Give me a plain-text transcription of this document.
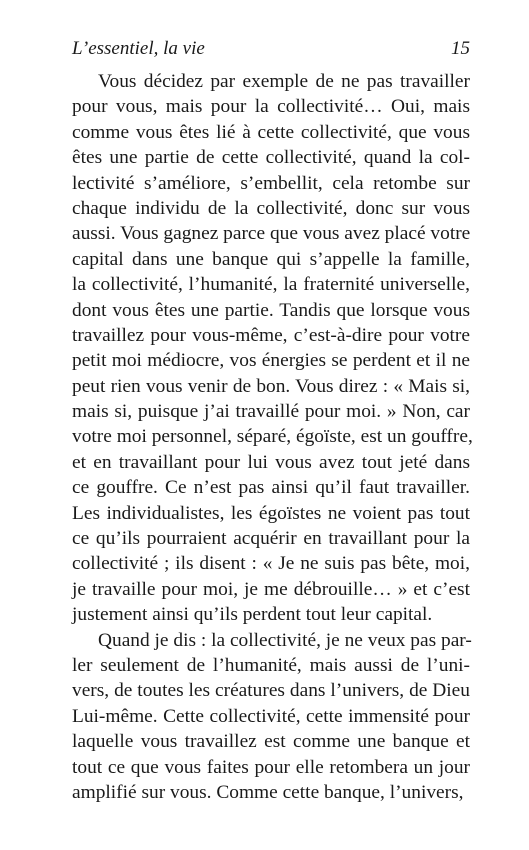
L’essentiel, la vie	15
Vous décidez par exemple de ne pas travailler
pour vous, mais pour la collectivité… Oui, mais
comme vous êtes lié à cette collectivité, que vous
êtes une partie de cette collectivité, quand la col-
lectivité s’améliore, s’embellit, cela retombe sur
chaque individu de la collectivité, donc sur vous
aussi. Vous gagnez parce que vous avez placé votre
capital dans une banque qui s’appelle la famille,
la collectivité, l’humanité, la fraternité universelle,
dont vous êtes une partie. Tandis que lorsque vous
travaillez pour vous-même, c’est-à-dire pour votre
petit moi médiocre, vos énergies se perdent et il ne
peut rien vous venir de bon. Vous direz : « Mais si,
mais si, puisque j’ai travaillé pour moi. » Non, car
votre moi personnel, séparé, égoïste, est un gouffre,
et en travaillant pour lui vous avez tout jeté dans
ce gouffre. Ce n’est pas ainsi qu’il faut travailler.
Les individualistes, les égoïstes ne voient pas tout
ce qu’ils pourraient acquérir en travaillant pour la
collectivité ; ils disent : « Je ne suis pas bête, moi,
je travaille pour moi, je me débrouille… » et c’est
justement ainsi qu’ils perdent tout leur capital.
Quand je dis : la collectivité, je ne veux pas par-
ler seulement de l’humanité, mais aussi de l’uni-
vers, de toutes les créatures dans l’univers, de Dieu
Lui-même. Cette collectivité, cette immensité pour
laquelle vous travaillez est comme une banque et
tout ce que vous faites pour elle retombera un jour
amplifié sur vous. Comme cette banque, l’univers,
